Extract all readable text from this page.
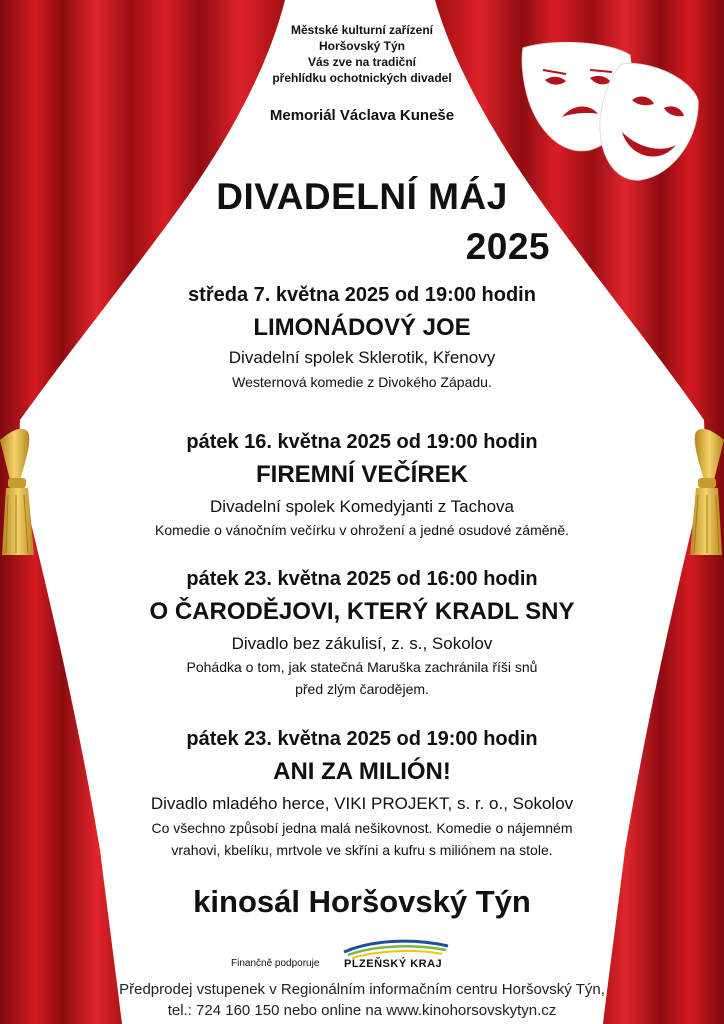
Městské kulturní zařízení
Horšovský Týn
Vás zve na tradiční
přehlídku ochotnických divadel
Memoriál Václava Kuneše
DIVADELNÍ MÁJ
2025
středa 7. května 2025 od 19:00 hodin
LIMONÁDOVÝ JOE
Divadelní spolek Sklerotik, Křenovy
Westernová komedie z Divokého Západu.
pátek 16. května 2025 od 19:00 hodin
FIREMNÍ VEČÍREK
Divadelní spolek Komedyjanti z Tachova
Komedie o vánočním večírku v ohrožení a jedné osudové záměně.
pátek 23. května 2025 od 16:00 hodin
O ČARODĚJOVI, KTERÝ KRADL SNY
Divadlo bez zákulisí, z. s., Sokolov
Pohádka o tom, jak statečná Maruška zachránila říši snů
před zlým čarodějem.
pátek 23. května 2025 od 19:00 hodin
ANI ZA MILIÓN!
Divadlo mladého herce, VIKI PROJEKT, s. r. o., Sokolov
Co všechno způsobí jedna malá nešikovnost. Komedie o nájemném
vrahovi, kbelíku, mrtvole ve skříni a kufru s miliónem na stole.
kinosál Horšovský Týn
Finančně podporuje	PLZEŇSKÝ KRAJ
Předprodej vstupenek v Regionálním informačním centru Horšovský Týn,
tel.: 724 160 150 nebo online na www.kinohorsovskytyn.cz
